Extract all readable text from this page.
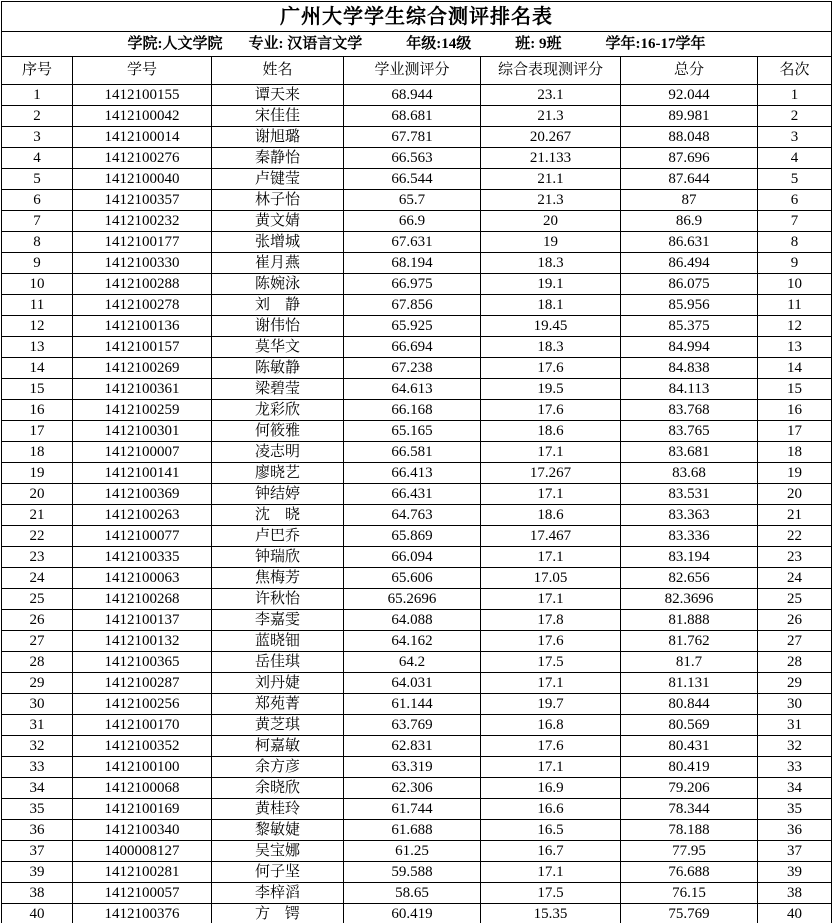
广州大学学生综合测评排名表						

学院:人文学院 专业: 汉语言文学 年级:14级 班: 9班 学年:16-17学年						

序号	学号	姓名	学业测评分	综合表现测评分	总分	名次
1	1412100155	谭天来	68.944	23.1	92.044	1
2	1412100042	宋佳佳	68.681	21.3	89.981	2
3	1412100014	谢旭璐	67.781	20.267	88.048	3
4	1412100276	秦静怡	66.563	21.133	87.696	4
5	1412100040	卢键莹	66.544	21.1	87.644	5
6	1412100357	林子怡	65.7	21.3	87	6
7	1412100232	黄文婧	66.9	20	86.9	7
8	1412100177	张增城	67.631	19	86.631	8
9	1412100330	崔月燕	68.194	18.3	86.494	9
10	1412100288	陈婉泳	66.975	19.1	86.075	10
11	1412100278	刘　静	67.856	18.1	85.956	11
12	1412100136	谢伟怡	65.925	19.45	85.375	12
13	1412100157	莫华文	66.694	18.3	84.994	13
14	1412100269	陈敏静	67.238	17.6	84.838	14
15	1412100361	梁碧莹	64.613	19.5	84.113	15
16	1412100259	龙彩欣	66.168	17.6	83.768	16
17	1412100301	何筱雅	65.165	18.6	83.765	17
18	1412100007	凌志明	66.581	17.1	83.681	18
19	1412100141	廖晓艺	66.413	17.267	83.68	19
20	1412100369	钟结婷	66.431	17.1	83.531	20
21	1412100263	沈　晓	64.763	18.6	83.363	21
22	1412100077	卢巴乔	65.869	17.467	83.336	22
23	1412100335	钟瑞欣	66.094	17.1	83.194	23
24	1412100063	焦梅芳	65.606	17.05	82.656	24
25	1412100268	许秋怡	65.2696	17.1	82.3696	25
26	1412100137	李嘉雯	64.088	17.8	81.888	26
27	1412100132	蓝晓钿	64.162	17.6	81.762	27
28	1412100365	岳佳琪	64.2	17.5	81.7	28
29	1412100287	刘丹婕	64.031	17.1	81.131	29
30	1412100256	郑苑菁	61.144	19.7	80.844	30
31	1412100170	黄芝琪	63.769	16.8	80.569	31
32	1412100352	柯嘉敏	62.831	17.6	80.431	32
33	1412100100	余方彦	63.319	17.1	80.419	33
34	1412100068	余晓欣	62.306	16.9	79.206	34
35	1412100169	黄桂玲	61.744	16.6	78.344	35
36	1412100340	黎敏婕	61.688	16.5	78.188	36
37	1400008127	吴宝娜	61.25	16.7	77.95	37
39	1412100281	何子坚	59.588	17.1	76.688	39
38	1412100057	李梓滔	58.65	17.5	76.15	38
40	1412100376	方　锷	60.419	15.35	75.769	40
